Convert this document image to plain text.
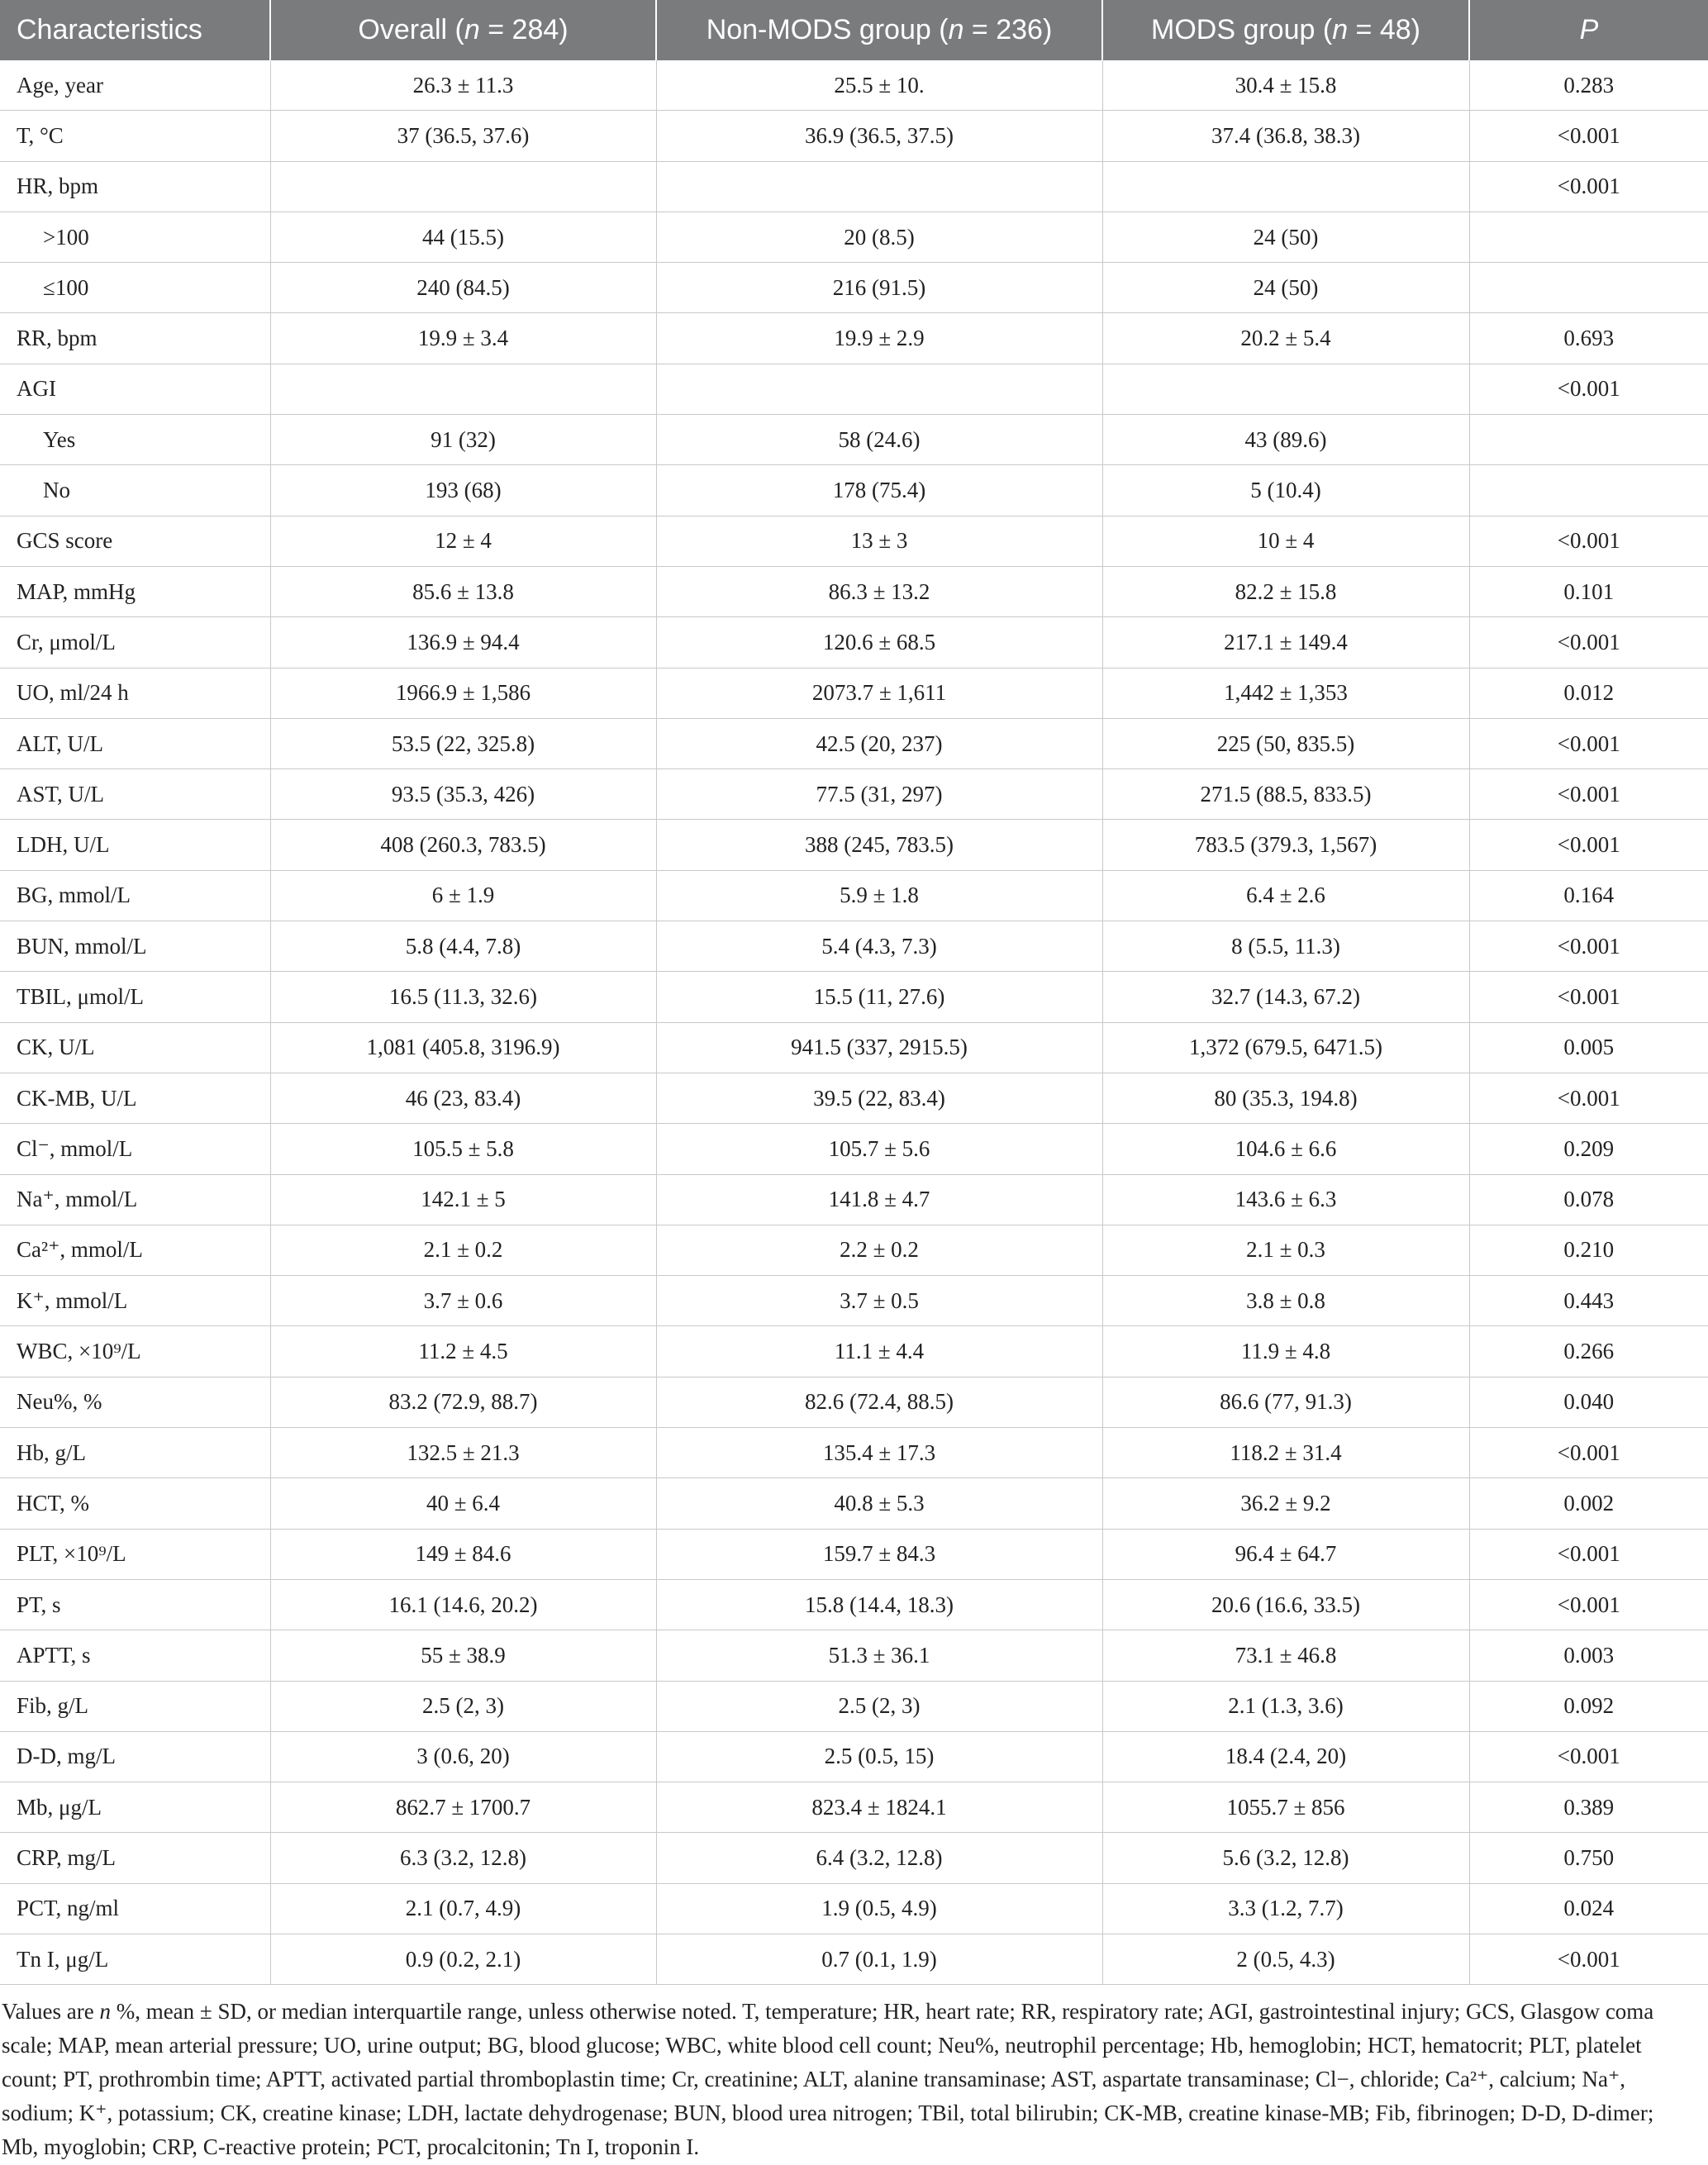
Characteristics	Overall (n = 284)	Non-MODS group (n = 236)	MODS group (n = 48)	P
Age, year	26.3 ± 11.3	25.5 ± 10.	30.4 ± 15.8	0.283
T, °C	37 (36.5, 37.6)	36.9 (36.5, 37.5)	37.4 (36.8, 38.3)	<0.001
HR, bpm				<0.001
>100	44 (15.5)	20 (8.5)	24 (50)	
≤100	240 (84.5)	216 (91.5)	24 (50)	
RR, bpm	19.9 ± 3.4	19.9 ± 2.9	20.2 ± 5.4	0.693
AGI				<0.001
Yes	91 (32)	58 (24.6)	43 (89.6)	
No	193 (68)	178 (75.4)	5 (10.4)	
GCS score	12 ± 4	13 ± 3	10 ± 4	<0.001
MAP, mmHg	85.6 ± 13.8	86.3 ± 13.2	82.2 ± 15.8	0.101
Cr, μmol/L	136.9 ± 94.4	120.6 ± 68.5	217.1 ± 149.4	<0.001
UO, ml/24 h	1966.9 ± 1,586	2073.7 ± 1,611	1,442 ± 1,353	0.012
ALT, U/L	53.5 (22, 325.8)	42.5 (20, 237)	225 (50, 835.5)	<0.001
AST, U/L	93.5 (35.3, 426)	77.5 (31, 297)	271.5 (88.5, 833.5)	<0.001
LDH, U/L	408 (260.3, 783.5)	388 (245, 783.5)	783.5 (379.3, 1,567)	<0.001
BG, mmol/L	6 ± 1.9	5.9 ± 1.8	6.4 ± 2.6	0.164
BUN, mmol/L	5.8 (4.4, 7.8)	5.4 (4.3, 7.3)	8 (5.5, 11.3)	<0.001
TBIL, μmol/L	16.5 (11.3, 32.6)	15.5 (11, 27.6)	32.7 (14.3, 67.2)	<0.001
CK, U/L	1,081 (405.8, 3196.9)	941.5 (337, 2915.5)	1,372 (679.5, 6471.5)	0.005
CK-MB, U/L	46 (23, 83.4)	39.5 (22, 83.4)	80 (35.3, 194.8)	<0.001
Cl⁻, mmol/L	105.5 ± 5.8	105.7 ± 5.6	104.6 ± 6.6	0.209
Na⁺, mmol/L	142.1 ± 5	141.8 ± 4.7	143.6 ± 6.3	0.078
Ca²⁺, mmol/L	2.1 ± 0.2	2.2 ± 0.2	2.1 ± 0.3	0.210
K⁺, mmol/L	3.7 ± 0.6	3.7 ± 0.5	3.8 ± 0.8	0.443
WBC, ×10⁹/L	11.2 ± 4.5	11.1 ± 4.4	11.9 ± 4.8	0.266
Neu%, %	83.2 (72.9, 88.7)	82.6 (72.4, 88.5)	86.6 (77, 91.3)	0.040
Hb, g/L	132.5 ± 21.3	135.4 ± 17.3	118.2 ± 31.4	<0.001
HCT, %	40 ± 6.4	40.8 ± 5.3	36.2 ± 9.2	0.002
PLT, ×10⁹/L	149 ± 84.6	159.7 ± 84.3	96.4 ± 64.7	<0.001
PT, s	16.1 (14.6, 20.2)	15.8 (14.4, 18.3)	20.6 (16.6, 33.5)	<0.001
APTT, s	55 ± 38.9	51.3 ± 36.1	73.1 ± 46.8	0.003
Fib, g/L	2.5 (2, 3)	2.5 (2, 3)	2.1 (1.3, 3.6)	0.092
D-D, mg/L	3 (0.6, 20)	2.5 (0.5, 15)	18.4 (2.4, 20)	<0.001
Mb, μg/L	862.7 ± 1700.7	823.4 ± 1824.1	1055.7 ± 856	0.389
CRP, mg/L	6.3 (3.2, 12.8)	6.4 (3.2, 12.8)	5.6 (3.2, 12.8)	0.750
PCT, ng/ml	2.1 (0.7, 4.9)	1.9 (0.5, 4.9)	3.3 (1.2, 7.7)	0.024
Tn I, μg/L	0.9 (0.2, 2.1)	0.7 (0.1, 1.9)	2 (0.5, 4.3)	<0.001
Values are n %, mean ± SD, or median interquartile range, unless otherwise noted. T, temperature; HR, heart rate; RR, respiratory rate; AGI, gastrointestinal injury; GCS, Glasgow coma scale; MAP, mean arterial pressure; UO, urine output; BG, blood glucose; WBC, white blood cell count; Neu%, neutrophil percentage; Hb, hemoglobin; HCT, hematocrit; PLT, platelet count; PT, prothrombin time; APTT, activated partial thromboplastin time; Cr, creatinine; ALT, alanine transaminase; AST, aspartate transaminase; Cl−, chloride; Ca²⁺, calcium; Na⁺, sodium; K⁺, potassium; CK, creatine kinase; LDH, lactate dehydrogenase; BUN, blood urea nitrogen; TBil, total bilirubin; CK-MB, creatine kinase-MB; Fib, fibrinogen; D-D, D-dimer; Mb, myoglobin; CRP, C-reactive protein; PCT, procalcitonin; Tn I, troponin I.
